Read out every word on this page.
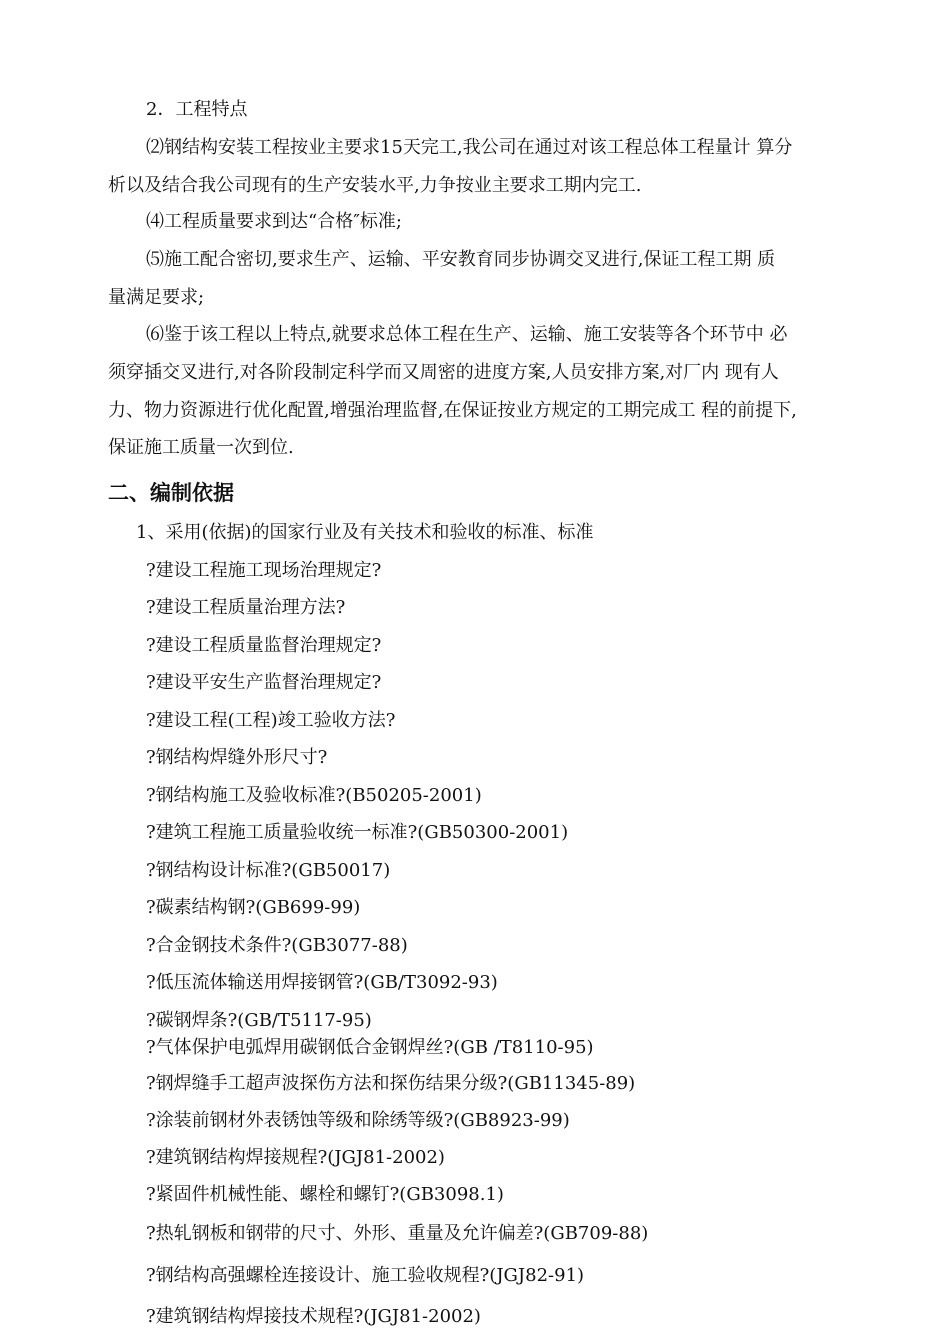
2．工程特点
⑵钢结构安装工程按业主要求15天完工,我公司在通过对该工程总体工程量计 算分
析以及结合我公司现有的生产安装水平,力争按业主要求工期内完工.
⑷工程质量要求到达“合格″标准;
⑸施工配合密切,要求生产、运输、平安教育同步协调交叉进行,保证工程工期 质
量满足要求;
⑹鉴于该工程以上特点,就要求总体工程在生产、运输、施工安装等各个环节中 必
须穿插交叉进行,对各阶段制定科学而又周密的进度方案,人员安排方案,对厂内 现有人
力、物力资源进行优化配置,增强治理监督,在保证按业方规定的工期完成工 程的前提下,
保证施工质量一次到位.
二、编制依据
1、采用(依据)的国家行业及有关技术和验收的标准、标准
?建设工程施工现场治理规定?
?建设工程质量治理方法?
?建设工程质量监督治理规定?
?建设平安生产监督治理规定?
?建设工程(工程)竣工验收方法?
?钢结构焊缝外形尺寸?
?钢结构施工及验收标准?(B50205-2001)
?建筑工程施工质量验收统一标准?(GB50300-2001)
?钢结构设计标准?(GB50017)
?碳素结构钢?(GB699-99)
?合金钢技术条件?(GB3077-88)
?低压流体输送用焊接钢管?(GB/T3092-93)
?碳钢焊条?(GB/T5117-95)
?气体保护电弧焊用碳钢低合金钢焊丝?(GB /T8110-95)
?钢焊缝手工超声波探伤方法和探伤结果分级?(GB11345-89)
?涂装前钢材外表锈蚀等级和除绣等级?(GB8923-99)
?建筑钢结构焊接规程?(JGJ81-2002)
?紧固件机械性能、螺栓和螺钉?(GB3098.1)
?热轧钢板和钢带的尺寸、外形、重量及允许偏差?(GB709-88)
?钢结构高强螺栓连接设计、施工验收规程?(JGJ82-91)
?建筑钢结构焊接技术规程?(JGJ81-2002)
